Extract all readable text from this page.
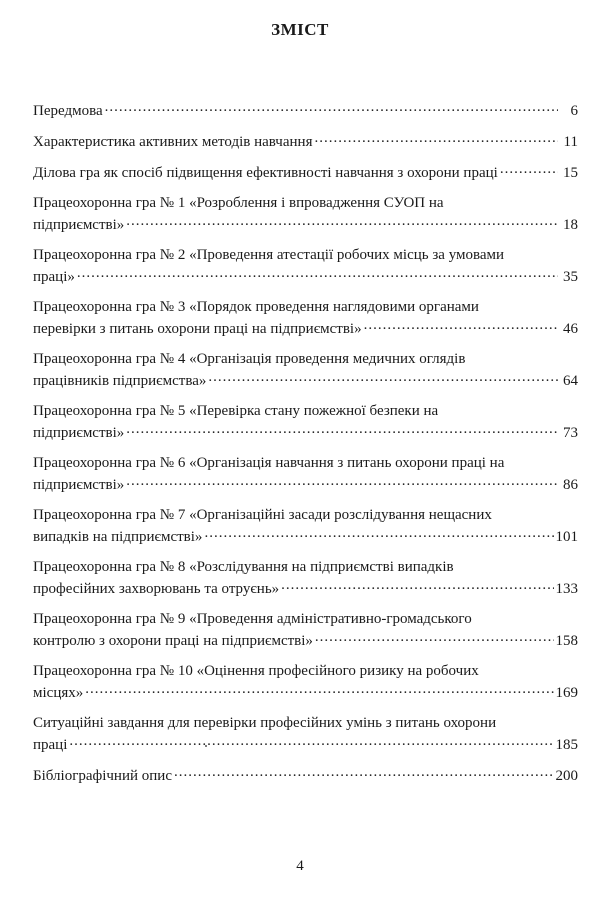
ЗМІСТ
Передмова .....	6
Характеристика активних методів навчання .....	11
Ділова гра як спосіб підвищення ефективності навчання з охорони праці .....	15
Працеохоронна гра № 1 «Розроблення і впровадження СУОП на
підприємстві» .....	18
Працеохоронна гра № 2 «Проведення атестації робочих місць за умовами
праці» .....	35
Працеохоронна гра № 3 «Порядок проведення наглядовими органами
перевірки з питань охорони праці на підприємстві» .....	46
Працеохоронна гра № 4 «Організація проведення медичних оглядів
працівників підприємства» .....	64
Працеохоронна гра № 5 «Перевірка стану пожежної безпеки на
підприємстві» .....	73
Працеохоронна гра № 6 «Організація навчання з питань охорони праці на
підприємстві» .....	86
Працеохоронна гра № 7 «Організаційні засади розслідування нещасних
випадків на підприємстві» .....	101
Працеохоронна гра № 8 «Розслідування на підприємстві випадків
професійних захворювань та отруєнь» .....	133
Працеохоронна гра № 9 «Проведення адміністративно-громадського
контролю з охорони праці на підприємстві» .....	158
Працеохоронна гра № 10 «Оцінення професійного ризику на робочих
місцях» .....	169
Ситуаційні завдання для перевірки професійних умінь з питань охорони
праці .....	185
Бібліографічний опис .....	200
4
